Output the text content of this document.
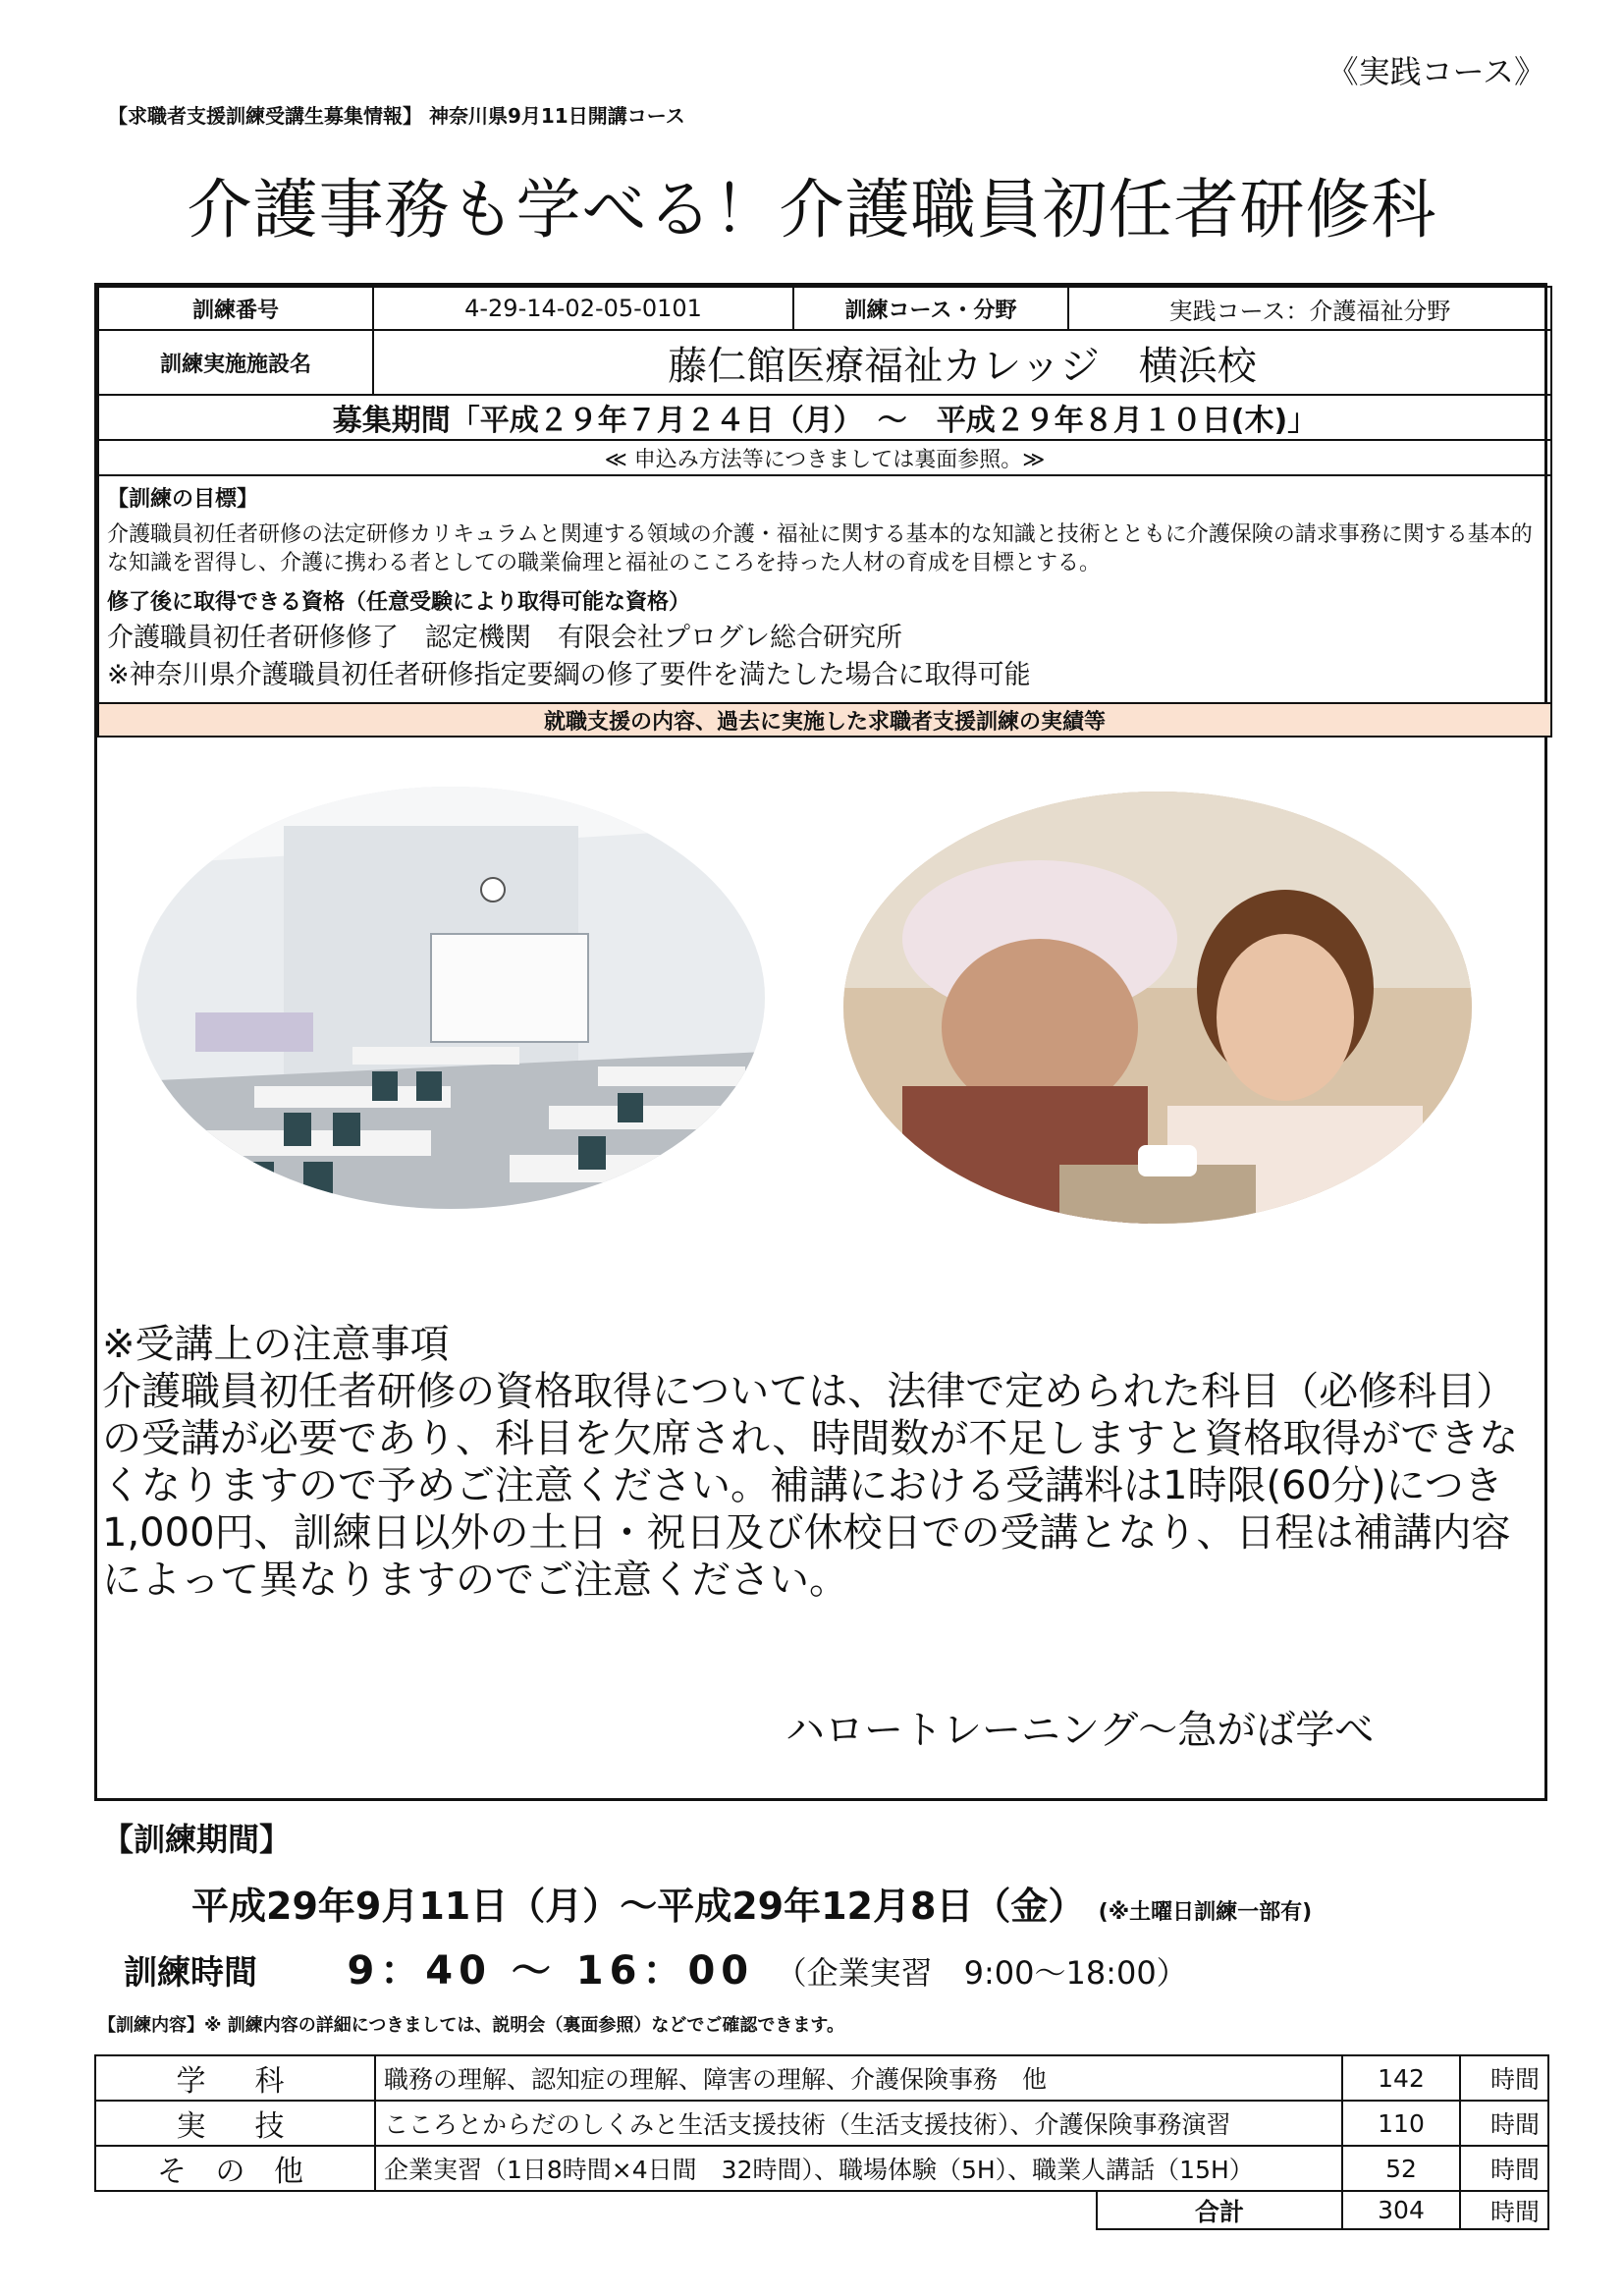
《実践コース》
【求職者支援訓練受講生募集情報】 神奈川県9月11日開講コース
介護事務も学べる！介護職員初任者研修科
訓練番号	4-29-14-02-05-0101	訓練コース・分野	実践コース：介護福祉分野
訓練実施施設名	藤仁館医療福祉カレッジ　横浜校		
募集期間「平成２９年７月２４日（月）　～　平成２９年８月１０日(木)」			
≪ 申込み方法等につきましては裏面参照。≫			

【訓練の目標】
介護職員初任者研修の法定研修カリキュラムと関連する領域の介護・福祉に関する基本的な知識と技術とともに介護保険の請求事務に関する基本的な知識を習得し、介護に携わる者としての職業倫理と福祉のこころを持った人材の育成を目標とする。
修了後に取得できる資格（任意受験により取得可能な資格）
介護職員初任者研修修了　認定機関　有限会社プログレ総合研究所
※神奈川県介護職員初任者研修指定要綱の修了要件を満たした場合に取得可能			

就職支援の内容、過去に実施した求職者支援訓練の実績等			
※受講上の注意事項
介護職員初任者研修の資格取得については、法律で定められた科目（必修科目）の受講が必要であり、科目を欠席され、時間数が不足しますと資格取得ができなくなりますので予めご注意ください。補講における受講料は1時限(60分)につき1,000円、訓練日以外の土日・祝日及び休校日での受講となり、日程は補講内容によって異なりますのでご注意ください。
ハロートレーニング～急がば学べ
【訓練期間】
平成29年9月11日（月）～平成29年12月8日（金） (※土曜日訓練一部有)
訓練時間 9：40 ～ 16：00 （企業実習　9:00～18:00）
【訓練内容】※ 訓練内容の詳細につきましては、説明会（裏面参照）などでご確認できます。
学　科	職務の理解、認知症の理解、障害の理解、介護保険事務　他	142	時間
実　技	こころとからだのしくみと生活支援技術（生活支援技術）、介護保険事務演習	110	時間
そ の 他	企業実習（1日8時間×4日間　32時間）、職場体験（5H）、職業人講話（15H）	52	時間
合計	304	時間
